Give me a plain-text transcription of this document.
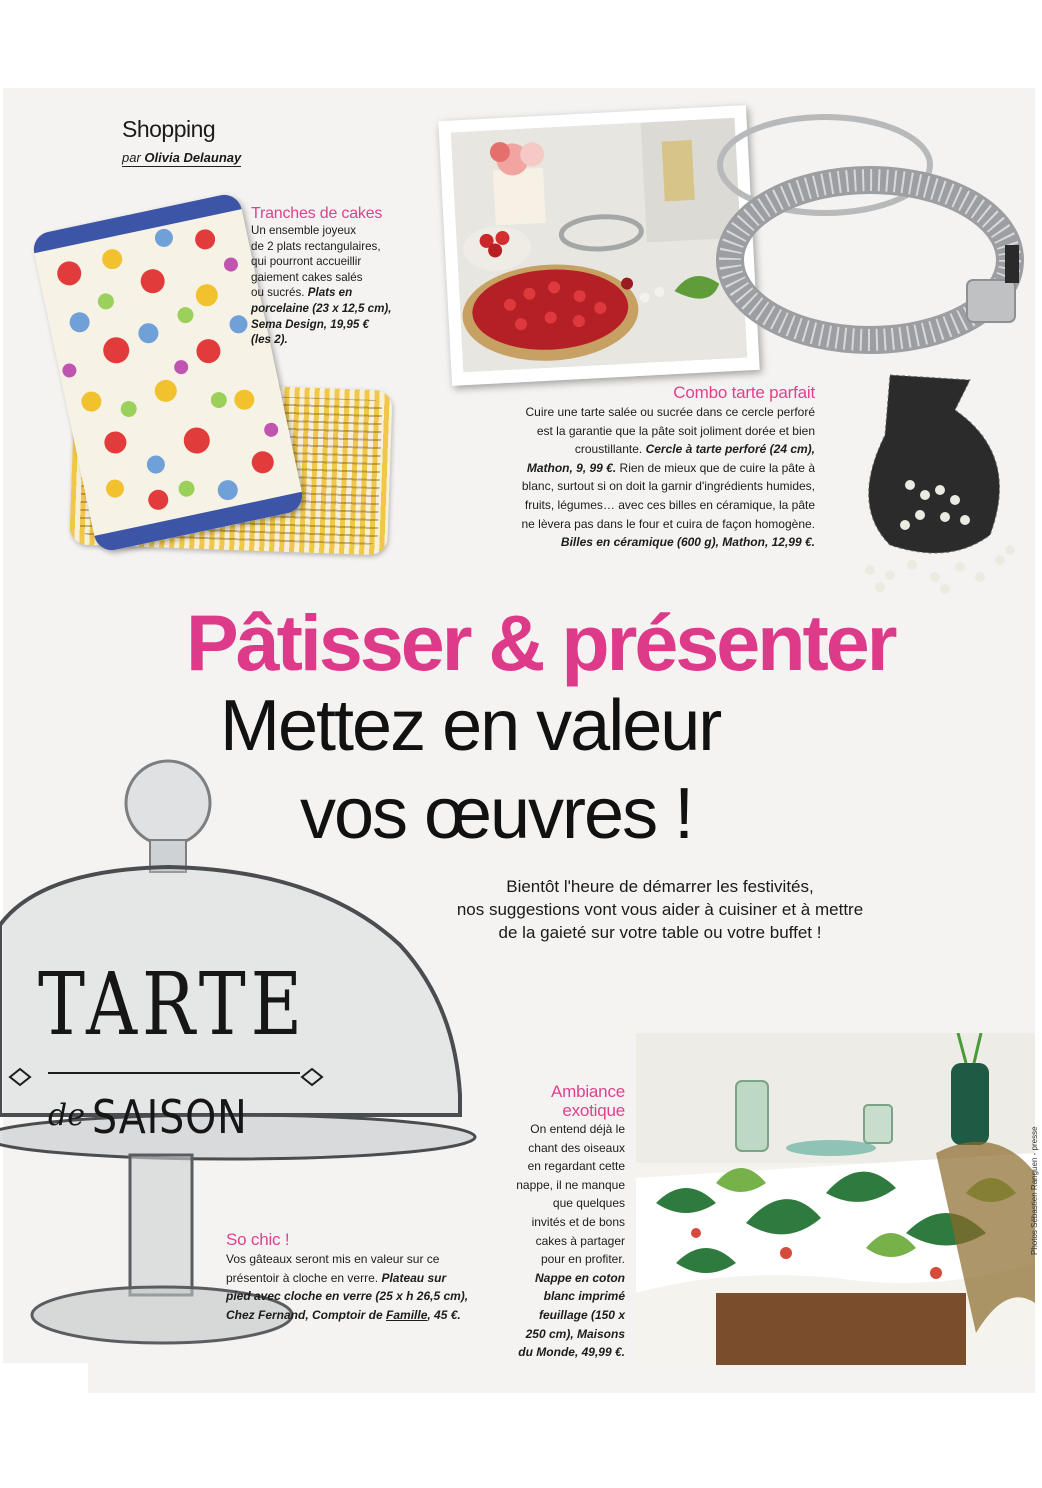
Shopping
par Olivia Delaunay
Tranches de cakes
Un ensemble joyeux
de 2 plats rectangulaires,
qui pourront accueillir
gaiement cakes salés
ou sucrés. Plats en
porcelaine (23 x 12,5 cm),
Sema Design, 19,95 €
(les 2).
Combo tarte parfait
Cuire une tarte salée ou sucrée dans ce cercle perforé
est la garantie que la pâte soit joliment dorée et bien
croustillante. Cercle à tarte perforé (24 cm),
Mathon, 9, 99 €. Rien de mieux que de cuire la pâte à
blanc, surtout si on doit la garnir d'ingrédients humides,
fruits, légumes… avec ces billes en céramique, la pâte
ne lèvera pas dans le four et cuira de façon homogène.
Billes en céramique (600 g), Mathon, 12,99 €.
Pâtisser & présenter
Mettez en valeur
vos œuvres !
Bientôt l'heure de démarrer les festivités,
nos suggestions vont vous aider à cuisiner et à mettre
de la gaieté sur votre table ou votre buffet !
TARTE
de SAISON
So chic !
Vos gâteaux seront mis en valeur sur ce
présentoir à cloche en verre. Plateau sur
pied avec cloche en verre (25 x h 26,5 cm),
Chez Fernand, Comptoir de Famille, 45 €.
Ambiance
exotique
On entend déjà le
chant des oiseaux
en regardant cette
nappe, il ne manque
que quelques
invités et de bons
cakes à partager
pour en profiter.
Nappe en coton
blanc imprimé
feuillage (150 x
250 cm), Maisons
du Monde, 49,99 €.
Photos Sébastien Ranguen - presse
